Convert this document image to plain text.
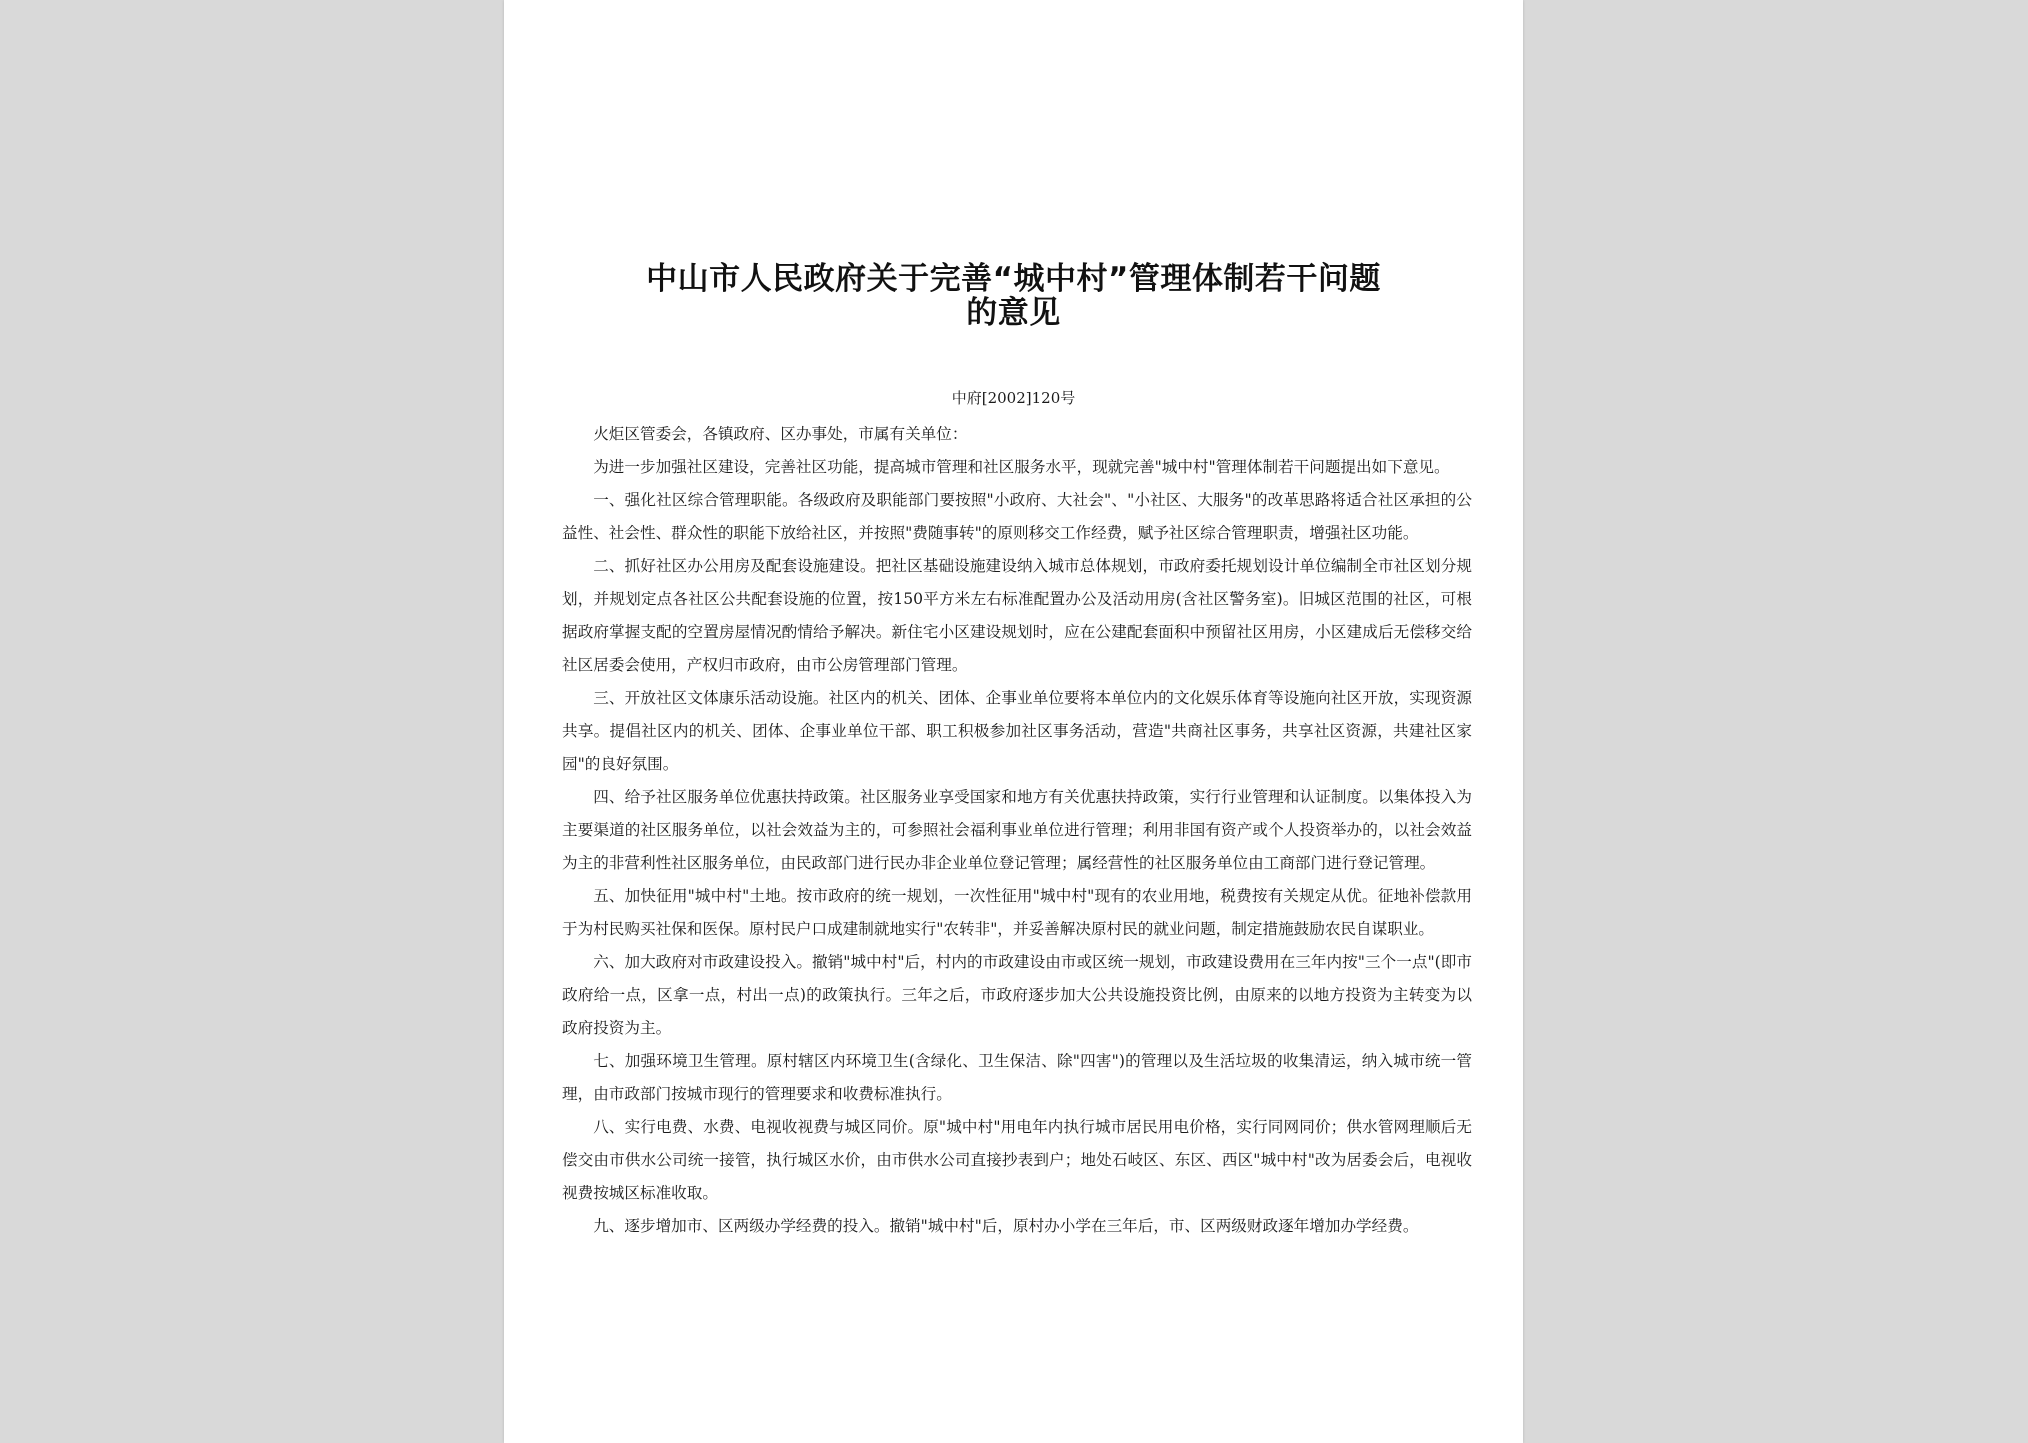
中山市人民政府关于完善“城中村”管理体制若干问题
的意见
中府[2002]120号

火炬区管委会，各镇政府、区办事处，市属有关单位：

为进一步加强社区建设，完善社区功能，提高城市管理和社区服务水平，现就完善"城中村"管理体制若干问题提出如下意见。

一、强化社区综合管理职能。各级政府及职能部门要按照"小政府、大社会"、"小社区、大服务"的改革思路将适合社区承担的公益性、社会性、群众性的职能下放给社区，并按照"费随事转"的原则移交工作经费，赋予社区综合管理职责，增强社区功能。

二、抓好社区办公用房及配套设施建设。把社区基础设施建设纳入城市总体规划，市政府委托规划设计单位编制全市社区划分规划，并规划定点各社区公共配套设施的位置，按150平方米左右标准配置办公及活动用房(含社区警务室)。旧城区范围的社区，可根据政府掌握支配的空置房屋情况酌情给予解决。新住宅小区建设规划时，应在公建配套面积中预留社区用房，小区建成后无偿移交给社区居委会使用，产权归市政府，由市公房管理部门管理。

三、开放社区文体康乐活动设施。社区内的机关、团体、企事业单位要将本单位内的文化娱乐体育等设施向社区开放，实现资源共享。提倡社区内的机关、团体、企事业单位干部、职工积极参加社区事务活动，营造"共商社区事务，共享社区资源，共建社区家园"的良好氛围。

四、给予社区服务单位优惠扶持政策。社区服务业享受国家和地方有关优惠扶持政策，实行行业管理和认证制度。以集体投入为主要渠道的社区服务单位，以社会效益为主的，可参照社会福利事业单位进行管理；利用非国有资产或个人投资举办的，以社会效益为主的非营利性社区服务单位，由民政部门进行民办非企业单位登记管理；属经营性的社区服务单位由工商部门进行登记管理。

五、加快征用"城中村"土地。按市政府的统一规划，一次性征用"城中村"现有的农业用地，税费按有关规定从优。征地补偿款用于为村民购买社保和医保。原村民户口成建制就地实行"农转非"，并妥善解决原村民的就业问题，制定措施鼓励农民自谋职业。

六、加大政府对市政建设投入。撤销"城中村"后，村内的市政建设由市或区统一规划，市政建设费用在三年内按"三个一点"(即市政府给一点，区拿一点，村出一点)的政策执行。三年之后，市政府逐步加大公共设施投资比例，由原来的以地方投资为主转变为以政府投资为主。

七、加强环境卫生管理。原村辖区内环境卫生(含绿化、卫生保洁、除"四害")的管理以及生活垃圾的收集清运，纳入城市统一管理，由市政部门按城市现行的管理要求和收费标准执行。

八、实行电费、水费、电视收视费与城区同价。原"城中村"用电年内执行城市居民用电价格，实行同网同价；供水管网理顺后无偿交由市供水公司统一接管，执行城区水价，由市供水公司直接抄表到户；地处石岐区、东区、西区"城中村"改为居委会后，电视收视费按城区标准收取。

九、逐步增加市、区两级办学经费的投入。撤销"城中村"后，原村办小学在三年后，市、区两级财政逐年增加办学经费。
